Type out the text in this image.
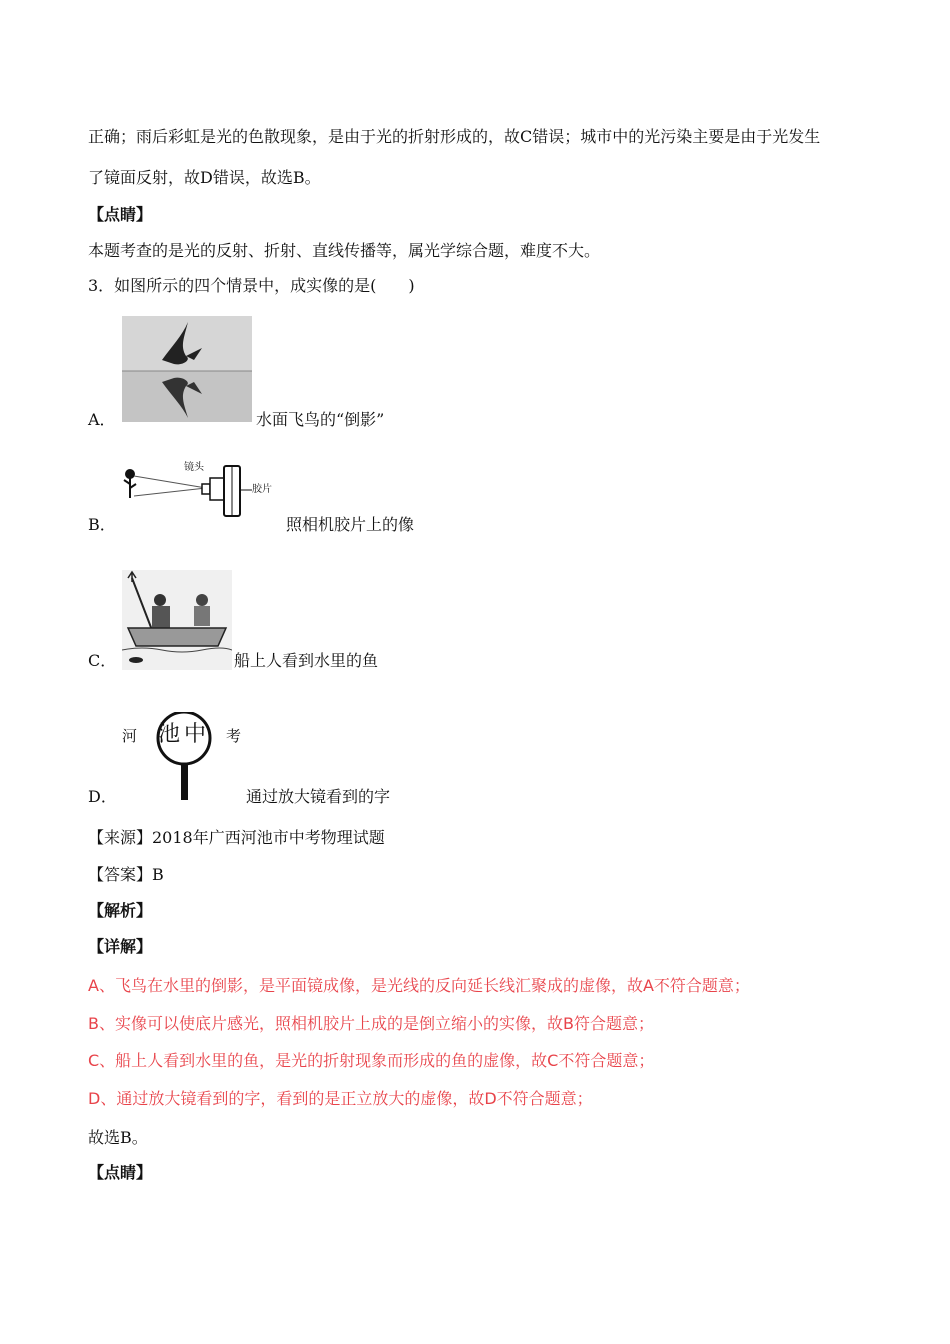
正确；雨后彩虹是光的色散现象，是由于光的折射形成的，故C错误；城市中的光污染主要是由于光发生
了镜面反射，故D错误，故选B。
【点睛】
本题考查的是光的反射、折射、直线传播等，属光学综合题，难度不大。
3．如图所示的四个情景中，成实像的是(　　)
A．	水面飞鸟的“倒影”
镜头
胶片
B．	照相机胶片上的像
C．	船上人看到水里的鱼
河 池 中 考
D．	通过放大镜看到的字
【来源】2018年广西河池市中考物理试题
【答案】B
【解析】
【详解】
A、飞鸟在水里的倒影，是平面镜成像，是光线的反向延长线汇聚成的虚像，故A不符合题意；
B、实像可以使底片感光，照相机胶片上成的是倒立缩小的实像，故B符合题意；
C、船上人看到水里的鱼，是光的折射现象而形成的鱼的虚像，故C不符合题意；
D、通过放大镜看到的字，看到的是正立放大的虚像，故D不符合题意；
故选B。
【点睛】
